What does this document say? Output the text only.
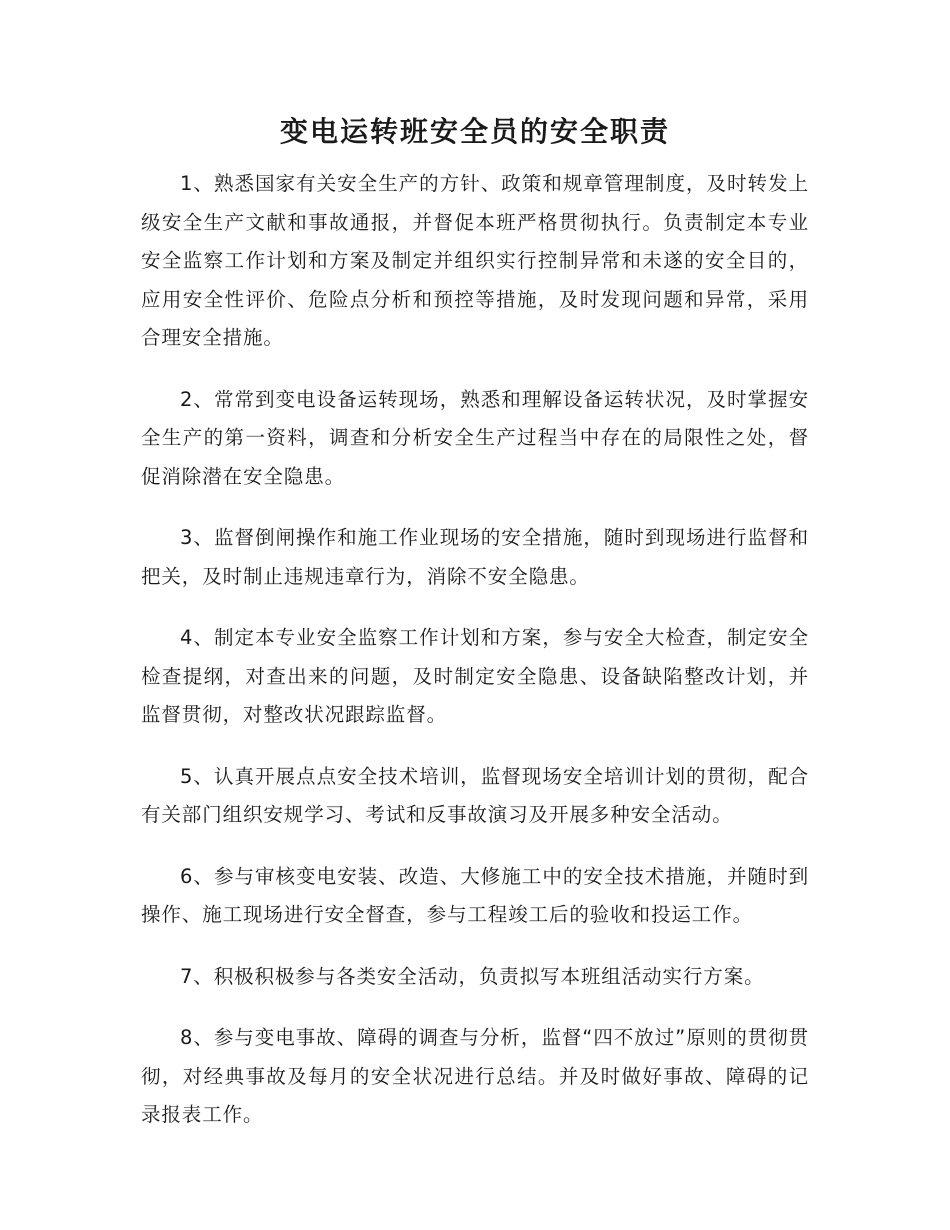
变电运转班安全员的安全职责

1、熟悉国家有关安全生产的方针、政策和规章管理制度，及时转发上级安全生产文献和事故通报，并督促本班严格贯彻执行。负责制定本专业安全监察工作计划和方案及制定并组织实行控制异常和未遂的安全目的，应用安全性评价、危险点分析和预控等措施，及时发现问题和异常，采用合理安全措施。

2、常常到变电设备运转现场，熟悉和理解设备运转状况，及时掌握安全生产的第一资料，调查和分析安全生产过程当中存在的局限性之处，督促消除潜在安全隐患。

3、监督倒闸操作和施工作业现场的安全措施，随时到现场进行监督和把关，及时制止违规违章行为，消除不安全隐患。

4、制定本专业安全监察工作计划和方案，参与安全大检查，制定安全检查提纲，对查出来的问题，及时制定安全隐患、设备缺陷整改计划，并监督贯彻，对整改状况跟踪监督。

5、认真开展点点安全技术培训，监督现场安全培训计划的贯彻，配合有关部门组织安规学习、考试和反事故演习及开展多种安全活动。

6、参与审核变电安装、改造、大修施工中的安全技术措施，并随时到操作、施工现场进行安全督查，参与工程竣工后的验收和投运工作。

7、积极积极参与各类安全活动，负责拟写本班组活动实行方案。

8、参与变电事故、障碍的调查与分析，监督“四不放过”原则的贯彻贯彻，对经典事故及每月的安全状况进行总结。并及时做好事故、障碍的记录报表工作。
